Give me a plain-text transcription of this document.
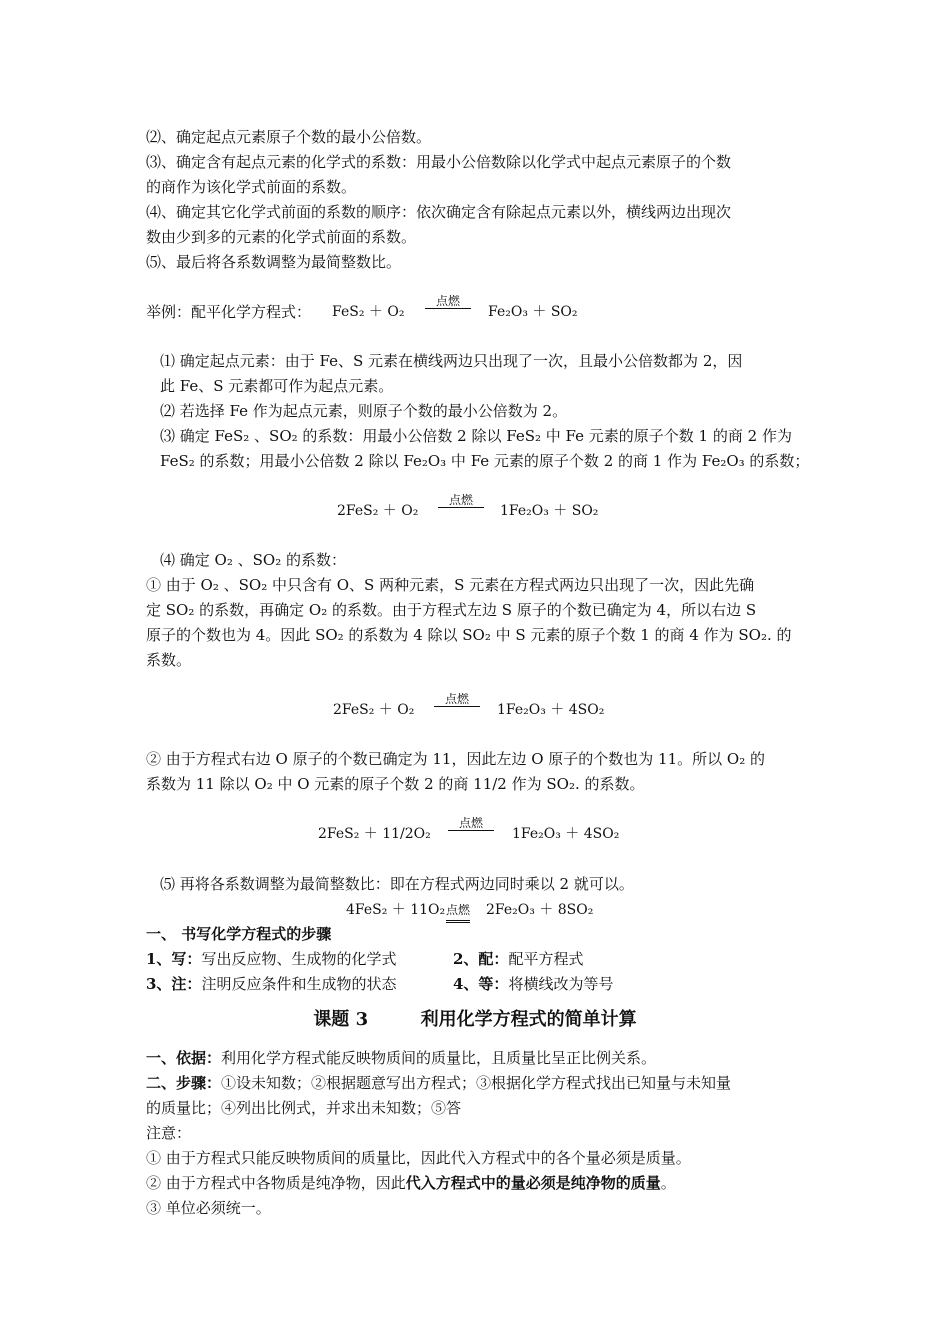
⑵、确定起点元素原子个数的最小公倍数。
⑶、确定含有起点元素的化学式的系数：用最小公倍数除以化学式中起点元素原子的个数
的商作为该化学式前面的系数。
⑷、确定其它化学式前面的系数的顺序：依次确定含有除起点元素以外，横线两边出现次
数由少到多的元素的化学式前面的系数。
⑸、最后将各系数调整为最简整数比。
举例：配平化学方程式： FeS₂ ＋ O₂
点燃
Fe₂O₃ ＋ SO₂
⑴ 确定起点元素：由于 Fe、S 元素在横线两边只出现了一次，且最小公倍数都为 2，因
此 Fe、S 元素都可作为起点元素。
⑵ 若选择 Fe 作为起点元素，则原子个数的最小公倍数为 2。
⑶ 确定 FeS₂ 、SO₂ 的系数：用最小公倍数 2 除以 FeS₂ 中 Fe 元素的原子个数 1 的商 2 作为
FeS₂ 的系数；用最小公倍数 2 除以 Fe₂O₃ 中 Fe 元素的原子个数 2 的商 1 作为 Fe₂O₃ 的系数；
2FeS₂ ＋ O₂
点燃
1Fe₂O₃ ＋ SO₂
⑷ 确定 O₂ 、SO₂ 的系数：
① 由于 O₂ 、SO₂ 中只含有 O、S 两种元素，S 元素在方程式两边只出现了一次，因此先确
定 SO₂ 的系数，再确定 O₂ 的系数。由于方程式左边 S 原子的个数已确定为 4，所以右边 S
原子的个数也为 4。因此 SO₂ 的系数为 4 除以 SO₂ 中 S 元素的原子个数 1 的商 4 作为 SO₂. 的
系数。
2FeS₂ ＋ O₂
点燃
1Fe₂O₃ ＋ 4SO₂
② 由于方程式右边 O 原子的个数已确定为 11，因此左边 O 原子的个数也为 11。所以 O₂ 的
系数为 11 除以 O₂ 中 O 元素的原子个数 2 的商 11/2 作为 SO₂. 的系数。
2FeS₂ ＋ 11/2O₂
点燃
1Fe₂O₃ ＋ 4SO₂
⑸ 再将各系数调整为最简整数比：即在方程式两边同时乘以 2 就可以。
4FeS₂ ＋ 11O₂ 点燃 2Fe₂O₃ ＋ 8SO₂
一、 书写化学方程式的步骤
1、写：写出反应物、生成物的化学式	2、配：配平方程式
3、注：注明反应条件和生成物的状态	4、等：将横线改为等号
课题 3	利用化学方程式的简单计算
一、依据：利用化学方程式能反映物质间的质量比，且质量比呈正比例关系。
二、步骤：①设未知数；②根据题意写出方程式；③根据化学方程式找出已知量与未知量
的质量比；④列出比例式，并求出未知数；⑤答
注意：
① 由于方程式只能反映物质间的质量比，因此代入方程式中的各个量必须是质量。
② 由于方程式中各物质是纯净物，因此代入方程式中的量必须是纯净物的质量。
③ 单位必须统一。
